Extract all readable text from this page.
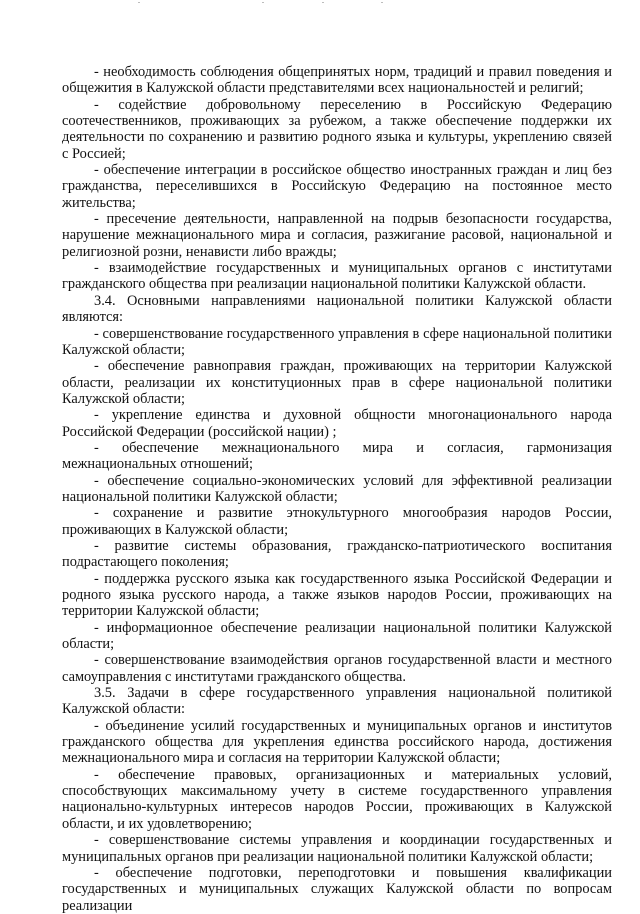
- необходимость соблюдения общепринятых норм, традиций и правил поведения и общежития в Калужской области представителями всех национальностей и религий;

- содействие добровольному переселению в Российскую Федерацию соотечественников, проживающих за рубежом, а также обеспечение поддержки их деятельности по сохранению и развитию родного языка и культуры, укреплению связей с Россией;

- обеспечение интеграции в российское общество иностранных граждан и лиц без гражданства, переселившихся в Российскую Федерацию на постоянное место жительства;

- пресечение деятельности, направленной на подрыв безопасности государства, нарушение межнационального мира и согласия, разжигание расовой, национальной и религиозной розни, ненависти либо вражды;

- взаимодействие государственных и муниципальных органов с институтами гражданского общества при реализации национальной политики Калужской области.

3.4. Основными направлениями национальной политики Калужской области являются:

- совершенствование государственного управления в сфере национальной политики Калужской области;

- обеспечение равноправия граждан, проживающих на территории Калужской области, реализации их конституционных прав в сфере национальной политики Калужской области;

- укрепление единства и духовной общности многонационального народа Российской Федерации (российской нации) ;

- обеспечение межнационального мира и согласия, гармонизация межнациональных отношений;

- обеспечение социально-экономических условий для эффективной реализации национальной политики Калужской области;

- сохранение и развитие этнокультурного многообразия народов России, проживающих в Калужской области;

- развитие системы образования, гражданско-патриотического воспитания подрастающего поколения;

- поддержка русского языка как государственного языка Российской Федерации и родного языка русского народа, а также языков народов России, проживающих на территории Калужской области;

- информационное обеспечение реализации национальной политики Калужской области;

- совершенствование взаимодействия органов государственной власти и местного самоуправления с институтами гражданского общества.

3.5. Задачи в сфере государственного управления национальной политикой Калужской области:

- объединение усилий государственных и муниципальных органов и институтов гражданского общества для укрепления единства российского народа, достижения межнационального мира и согласия на территории Калужской области;

- обеспечение правовых, организационных и материальных условий, способствующих максимальному учету в системе государственного управления национально-культурных интересов народов России, проживающих в Калужской области, и их удовлетворению;

- совершенствование системы управления и координации государственных и муниципальных органов при реализации национальной политики Калужской области;

- обеспечение подготовки, переподготовки и повышения квалификации государственных и муниципальных служащих Калужской области по вопросам реализации
